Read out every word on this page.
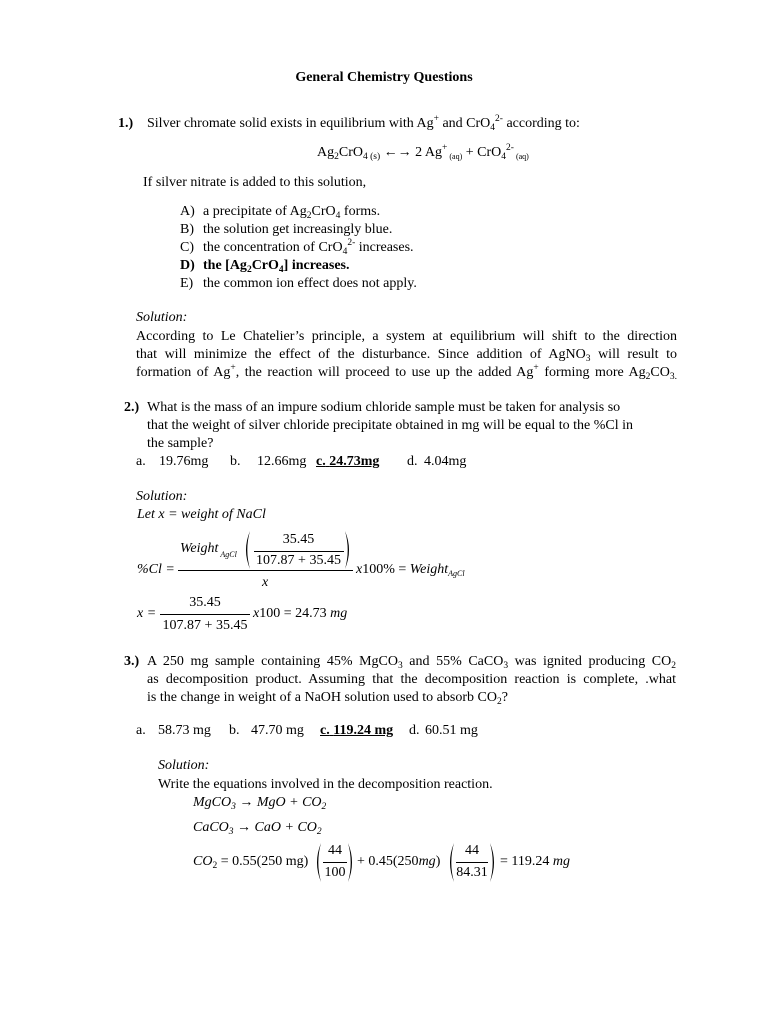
General Chemistry Questions
1.) Silver chromate solid exists in equilibrium with Ag+ and CrO$_4^{2-}$ according to:
$Ag_2CrO_{4 (s)}$ ←→ 2 Ag+ $_{(aq)}$ + CrO$_4^{2-}$ $_{(aq)}$
If silver nitrate is added to this solution,
A) a precipitate of $Ag_2CrO_4$ forms.
B) the solution get increasingly blue.
C) the concentration of CrO$_4^{2-}$ increases.
D) the $[Ag_2CrO_4]$ increases.
E) the common ion effect does not apply.
Solution:
According to Le Chatelier’s principle, a system at equilibrium will shift to the direction
that will minimize the effect of the disturbance. Since addition of AgNO$_3$ will result to
formation of Ag+, the reaction will proceed to use up the added Ag+ forming more $Ag_2CO_{3.}$
2.) What is the mass of an impure sodium chloride sample must be taken for analysis so
that the weight of silver chloride precipitate obtained in mg will be equal to the %Cl in
the sample?
a. 19.76mg b. 12.66mg c. 24.73mg d. 4.04mg
Solution:
Let x = weight of NaCl
%Cl =
Weight $_{AgCl}$
35.45
107.87 + 35.45
x
x100% = Weight$_{AgCl}$
x =
35.45
107.87 + 35.45
x100 = 24.73 mg
3.) A 250 mg sample containing 45% MgCO$_3$ and 55% CaCO$_3$ was ignited producing $CO_2$
as decomposition product. Assuming that the decomposition reaction is complete, .what
is the change in weight of a NaOH solution used to absorb $CO_2$?
a. 58.73 mg b. 47.70 mg c. 119.24 mg d. 60.51 mg
Solution:
Write the equations involved in the decomposition reaction.
MgCO$_3$ → MgO + $CO_2$
CaCO$_3$ → CaO + $CO_2$
$CO_2 = 0.55(250$ mg)
44
100
+ 0.45(250mg)
44
84.31
= 119.24 mg
